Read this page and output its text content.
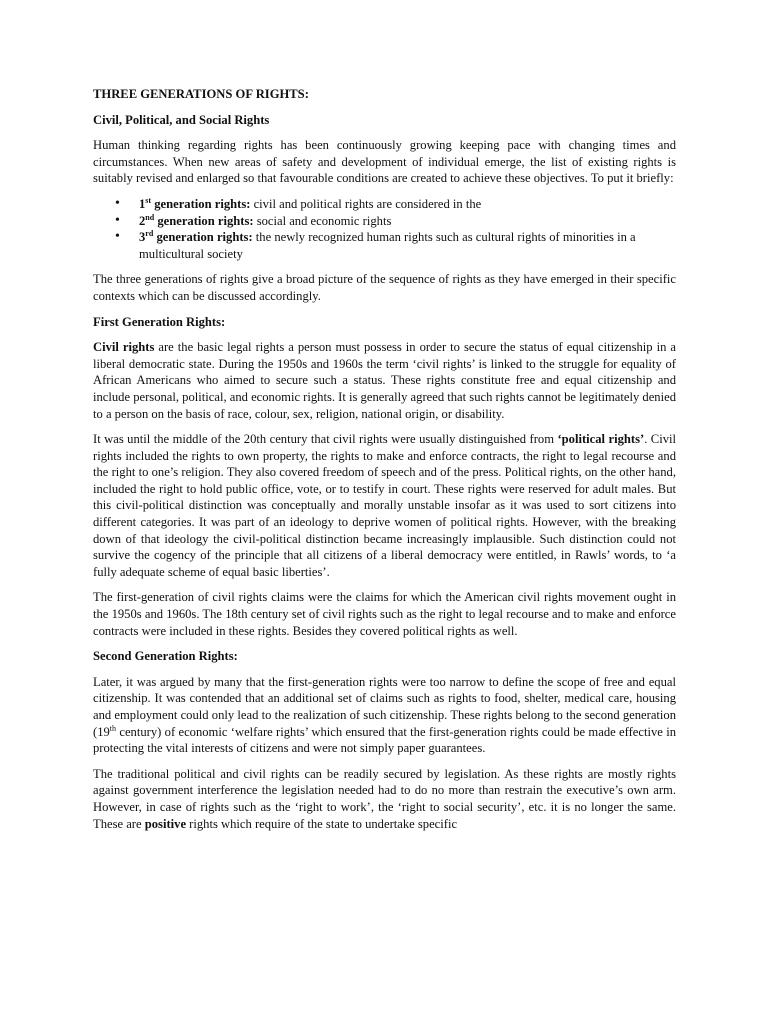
THREE GENERATIONS OF RIGHTS:
Civil, Political, and Social Rights

Human thinking regarding rights has been continuously growing keeping pace with changing times and circumstances. When new areas of safety and development of individual emerge, the list of existing rights is suitably revised and enlarged so that favourable conditions are created to achieve these objectives. To put it briefly:

• 1st generation rights: civil and political rights are considered in the
• 2nd generation rights: social and economic rights
• 3rd generation rights: the newly recognized human rights such as cultural rights of minorities in a multicultural society

The three generations of rights give a broad picture of the sequence of rights as they have emerged in their specific contexts which can be discussed accordingly.

First Generation Rights:

Civil rights are the basic legal rights a person must possess in order to secure the status of equal citizenship in a liberal democratic state. During the 1950s and 1960s the term ‘civil rights’ is linked to the struggle for equality of African Americans who aimed to secure such a status. These rights constitute free and equal citizenship and include personal, political, and economic rights. It is generally agreed that such rights cannot be legitimately denied to a person on the basis of race, colour, sex, religion, national origin, or disability.

It was until the middle of the 20th century that civil rights were usually distinguished from ‘political rights’. Civil rights included the rights to own property, the rights to make and enforce contracts, the right to legal recourse and the right to one’s religion. They also covered freedom of speech and of the press. Political rights, on the other hand, included the right to hold public office, vote, or to testify in court. These rights were reserved for adult males. But this civil-political distinction was conceptually and morally unstable insofar as it was used to sort citizens into different categories. It was part of an ideology to deprive women of political rights. However, with the breaking down of that ideology the civil-political distinction became increasingly implausible. Such distinction could not survive the cogency of the principle that all citizens of a liberal democracy were entitled, in Rawls’ words, to ‘a fully adequate scheme of equal basic liberties’.

The first-generation of civil rights claims were the claims for which the American civil rights movement ought in the 1950s and 1960s. The 18th century set of civil rights such as the right to legal recourse and to make and enforce contracts were included in these rights. Besides they covered political rights as well.

Second Generation Rights:

Later, it was argued by many that the first-generation rights were too narrow to define the scope of free and equal citizenship. It was contended that an additional set of claims such as rights to food, shelter, medical care, housing and employment could only lead to the realization of such citizenship. These rights belong to the second generation (19th century) of economic ‘welfare rights’ which ensured that the first-generation rights could be made effective in protecting the vital interests of citizens and were not simply paper guarantees.

The traditional political and civil rights can be readily secured by legislation. As these rights are mostly rights against government interference the legislation needed had to do no more than restrain the executive’s own arm. However, in case of rights such as the ‘right to work’, the ‘right to social security’, etc. it is no longer the same. These are positive rights which require of the state to undertake specific
